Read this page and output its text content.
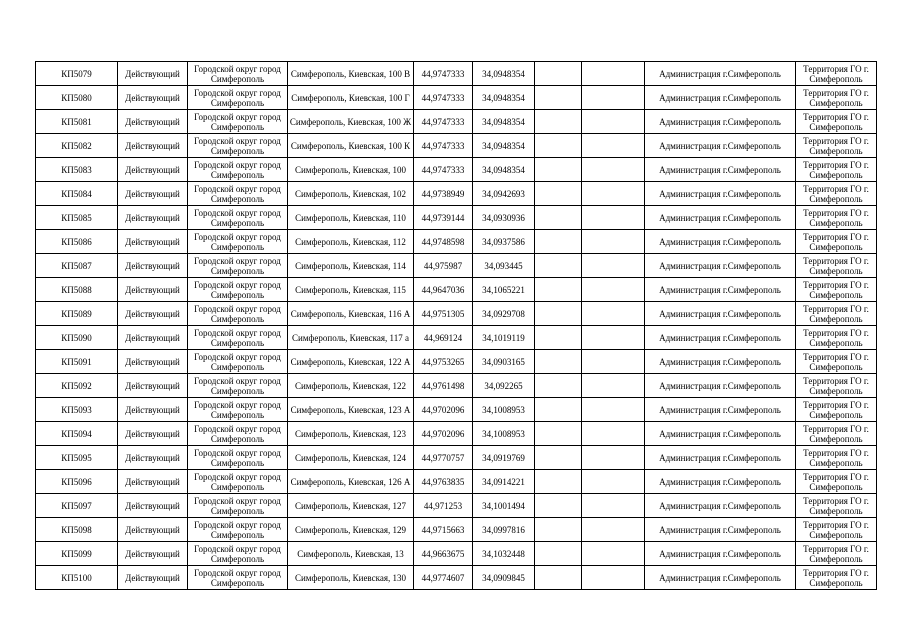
КП5079	Действующий	Городской округ город Симферополь	Симферополь, Киевская, 100 В	44,9747333	34,0948354			Администрация г.Симферополь	Территория ГО г. Симферополь
КП5080	Действующий	Городской округ город Симферополь	Симферополь, Киевская, 100 Г	44,9747333	34,0948354			Администрация г.Симферополь	Территория ГО г. Симферополь
КП5081	Действующий	Городской округ город Симферополь	Симферополь, Киевская, 100 Ж	44,9747333	34,0948354			Администрация г.Симферополь	Территория ГО г. Симферополь
КП5082	Действующий	Городской округ город Симферополь	Симферополь, Киевская, 100 К	44,9747333	34,0948354			Администрация г.Симферополь	Территория ГО г. Симферополь
КП5083	Действующий	Городской округ город Симферополь	Симферополь, Киевская, 100	44,9747333	34,0948354			Администрация г.Симферополь	Территория ГО г. Симферополь
КП5084	Действующий	Городской округ город Симферополь	Симферополь, Киевская, 102	44,9738949	34,0942693			Администрация г.Симферополь	Территория ГО г. Симферополь
КП5085	Действующий	Городской округ город Симферополь	Симферополь, Киевская, 110	44,9739144	34,0930936			Администрация г.Симферополь	Территория ГО г. Симферополь
КП5086	Действующий	Городской округ город Симферополь	Симферополь, Киевская, 112	44,9748598	34,0937586			Администрация г.Симферополь	Территория ГО г. Симферополь
КП5087	Действующий	Городской округ город Симферополь	Симферополь, Киевская, 114	44,975987	34,093445			Администрация г.Симферополь	Территория ГО г. Симферополь
КП5088	Действующий	Городской округ город Симферополь	Симферополь, Киевская, 115	44,9647036	34,1065221			Администрация г.Симферополь	Территория ГО г. Симферополь
КП5089	Действующий	Городской округ город Симферополь	Симферополь, Киевская, 116 А	44,9751305	34,0929708			Администрация г.Симферополь	Территория ГО г. Симферополь
КП5090	Действующий	Городской округ город Симферополь	Симферополь, Киевская, 117 а	44,969124	34,1019119			Администрация г.Симферополь	Территория ГО г. Симферополь
КП5091	Действующий	Городской округ город Симферополь	Симферополь, Киевская, 122 А	44,9753265	34,0903165			Администрация г.Симферополь	Территория ГО г. Симферополь
КП5092	Действующий	Городской округ город Симферополь	Симферополь, Киевская, 122	44,9761498	34,092265			Администрация г.Симферополь	Территория ГО г. Симферополь
КП5093	Действующий	Городской округ город Симферополь	Симферополь, Киевская, 123 А	44,9702096	34,1008953			Администрация г.Симферополь	Территория ГО г. Симферополь
КП5094	Действующий	Городской округ город Симферополь	Симферополь, Киевская, 123	44,9702096	34,1008953			Администрация г.Симферополь	Территория ГО г. Симферополь
КП5095	Действующий	Городской округ город Симферополь	Симферополь, Киевская, 124	44,9770757	34,0919769			Администрация г.Симферополь	Территория ГО г. Симферополь
КП5096	Действующий	Городской округ город Симферополь	Симферополь, Киевская, 126 А	44,9763835	34,0914221			Администрация г.Симферополь	Территория ГО г. Симферополь
КП5097	Действующий	Городской округ город Симферополь	Симферополь, Киевская, 127	44,971253	34,1001494			Администрация г.Симферополь	Территория ГО г. Симферополь
КП5098	Действующий	Городской округ город Симферополь	Симферополь, Киевская, 129	44,9715663	34,0997816			Администрация г.Симферополь	Территория ГО г. Симферополь
КП5099	Действующий	Городской округ город Симферополь	Симферополь, Киевская, 13	44,9663675	34,1032448			Администрация г.Симферополь	Территория ГО г. Симферополь
КП5100	Действующий	Городской округ город Симферополь	Симферополь, Киевская, 130	44,9774607	34,0909845			Администрация г.Симферополь	Территория ГО г. Симферополь
